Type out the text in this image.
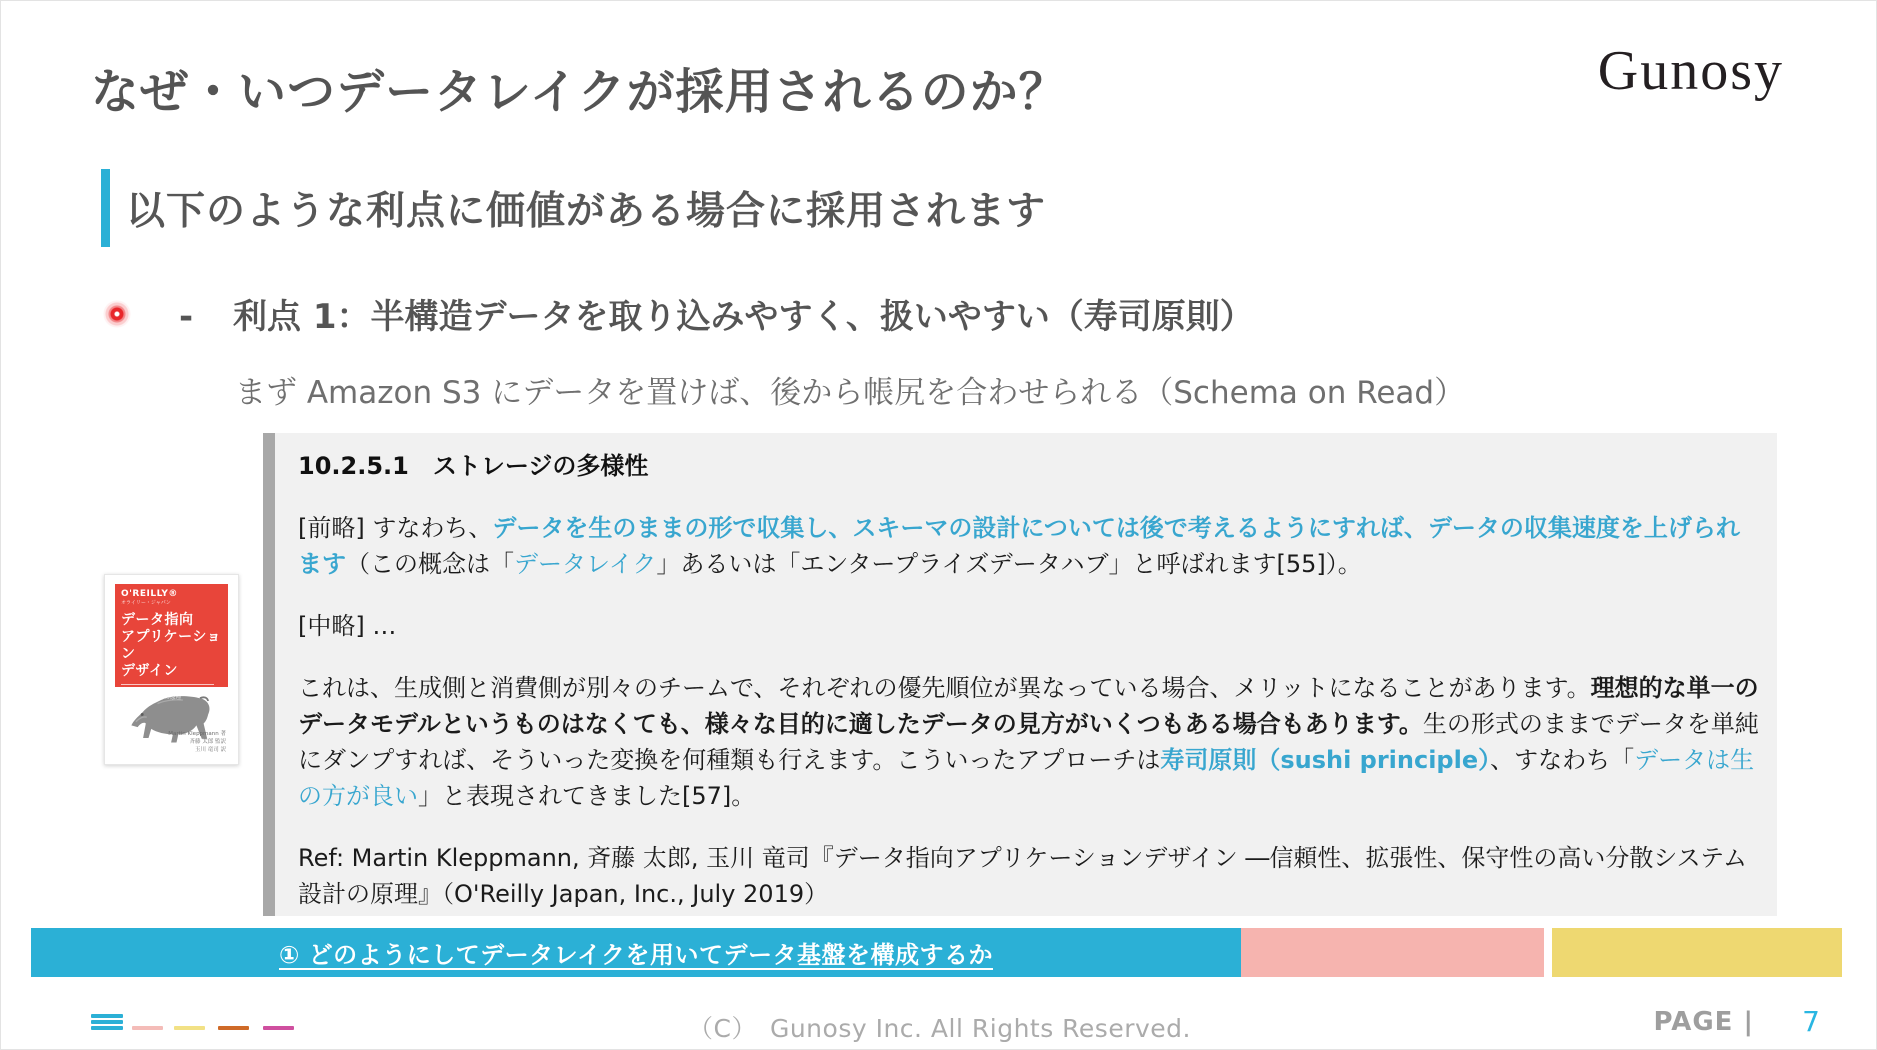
なぜ・いつデータレイクが採用されるのか？	Gunosy
以下のような利点に価値がある場合に採用されます
- 利点 1：半構造データを取り込みやすく、扱いやすい（寿司原則）
まず Amazon S3 にデータを置けば、後から帳尻を合わせられる（Schema on Read）
10.2.5.1　ストレージの多様性
[前略] すなわち、データを生のままの形で収集し、スキーマの設計については後で考えるようにすれば、データの収集速度を上げられます（この概念は「データレイク」あるいは「エンタープライズデータハブ」と呼ばれます[55]）。
[中略] …
これは、生成側と消費側が別々のチームで、それぞれの優先順位が異なっている場合、メリットになることがあります。理想的な単一のデータモデルというものはなくても、様々な目的に適したデータの見方がいくつもある場合もあります。生の形式のままでデータを単純にダンプすれば、そういった変換を何種類も行えます。こういったアプローチは寿司原則（sushi principle）、すなわち「データは生の方が良い」と表現されてきました[57]。
Ref: Martin Kleppmann, 斉藤 太郎, 玉川 竜司『データ指向アプリケーションデザイン ―信頼性、拡張性、保守性の高い分散システム設計の原理』（O'Reilly Japan, Inc., July 2019）
O'REILLY®
オライリー・ジャパン
データ指向
アプリケーション
デザイン
信頼性、拡張性、保守性の高い
分散システム設計の原理
Martin Kleppmann 著
斉藤 太郎 監訳
玉川 竜司 訳
① どのようにしてデータレイクを用いてデータ基盤を構成するか
（C）　Gunosy Inc. All Rights Reserved.	PAGE | 7
